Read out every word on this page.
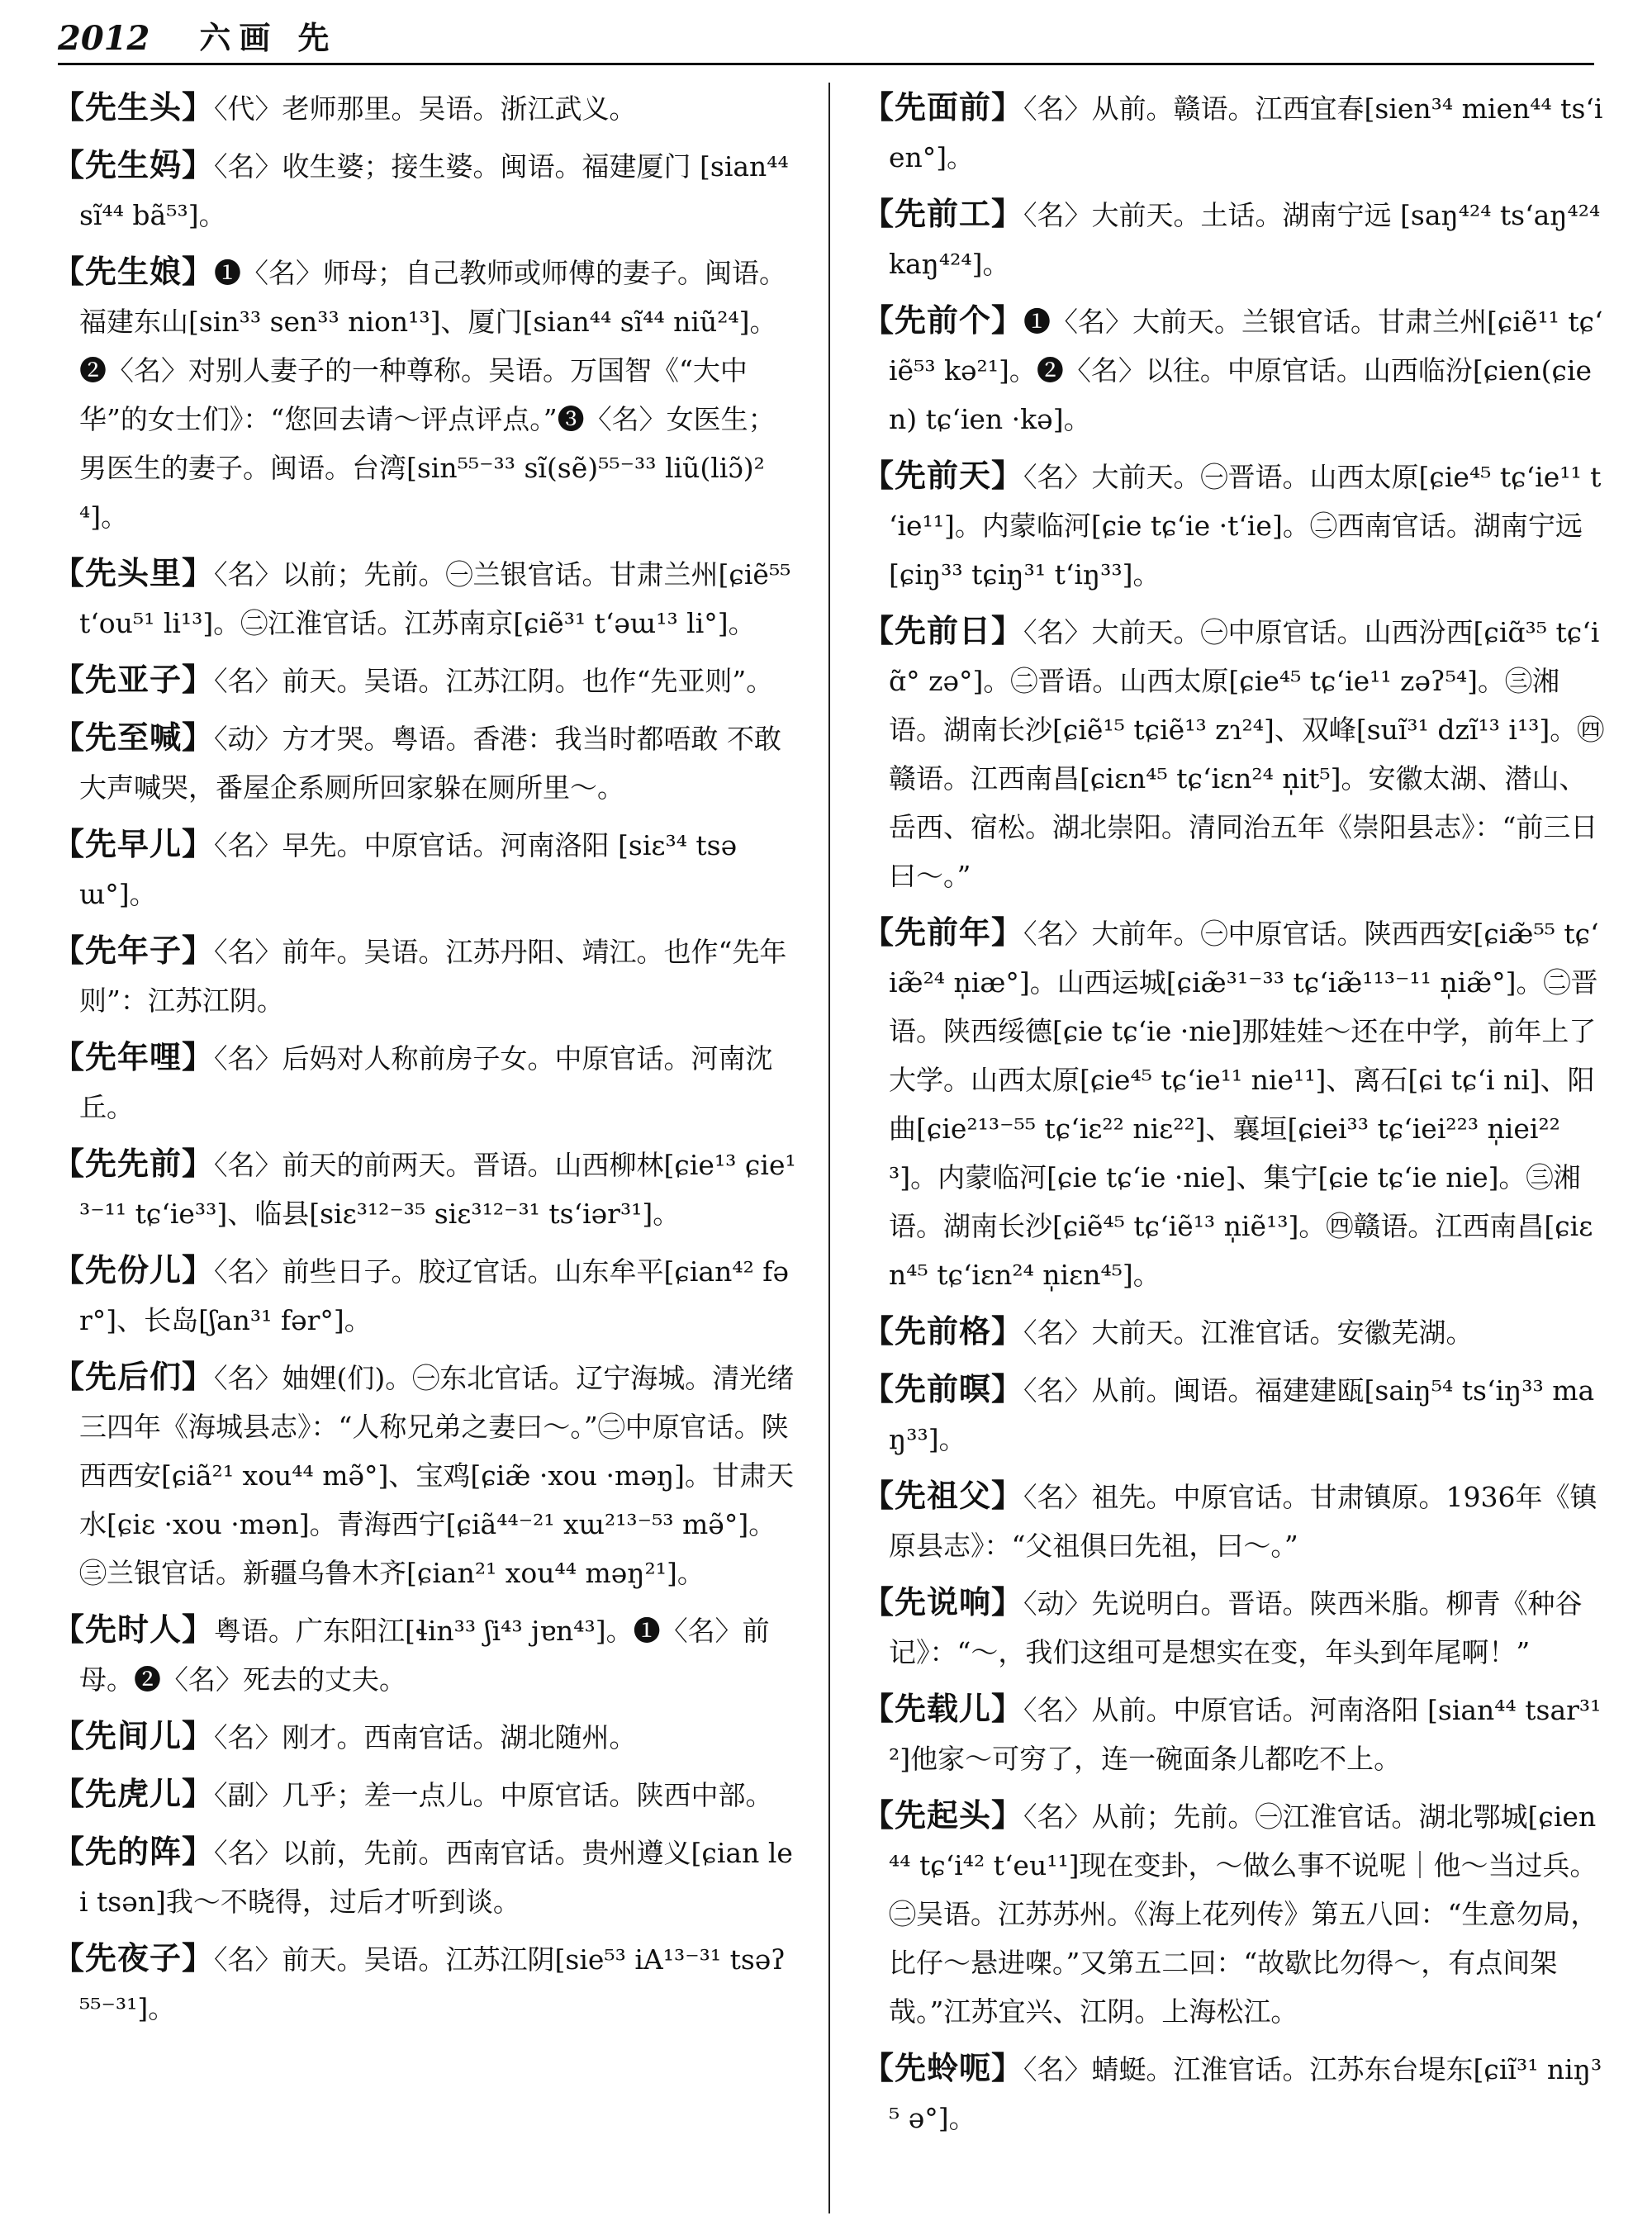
2012 六画 先
【先生头】〈代〉老师那里。吴语。浙江武义。
【先生妈】〈名〉收生婆；接生婆。闽语。福建厦门 [sian⁴⁴ sĩ⁴⁴ bã⁵³]。
【先生娘】❶〈名〉师母；自己教师或师傅的妻子。闽语。福建东山[sin³³ sen³³ nion¹³]、厦门[sian⁴⁴ sĩ⁴⁴ niũ²⁴]。❷〈名〉对别人妻子的一种尊称。吴语。万国智《“大中华”的女士们》：“您回去请～评点评点。”❸〈名〉女医生；男医生的妻子。闽语。台湾[sin⁵⁵⁻³³ sĩ(sẽ)⁵⁵⁻³³ liũ(liɔ̃)²⁴]。
【先头里】〈名〉以前；先前。㊀兰银官话。甘肃兰州[ɕiẽ⁵⁵ tʻou⁵¹ li¹³]。㊁江淮官话。江苏南京[ɕiẽ³¹ tʻəɯ¹³ li°]。
【先亚子】〈名〉前天。吴语。江苏江阴。也作“先亚则”。
【先至喊】〈动〉方才哭。粤语。香港：我当时都唔敢 不敢大声喊哭，番屋企系厕所回家躲在厕所里～。
【先早儿】〈名〉早先。中原官话。河南洛阳 [siɛ³⁴ tsəɯ°]。
【先年子】〈名〉前年。吴语。江苏丹阳、靖江。也作“先年则”：江苏江阴。
【先年哩】〈名〉后妈对人称前房子女。中原官话。河南沈丘。
【先先前】〈名〉前天的前两天。晋语。山西柳林[ɕie¹³ ɕie¹³⁻¹¹ tɕʻie³³]、临县[siɛ³¹²⁻³⁵ siɛ³¹²⁻³¹ tsʻiər³¹]。
【先份儿】〈名〉前些日子。胶辽官话。山东牟平[ɕian⁴² fər°]、长岛[ʃan³¹ fər°]。
【先后们】〈名〉妯娌(们)。㊀东北官话。辽宁海城。清光绪三四年《海城县志》：“人称兄弟之妻曰～。”㊁中原官话。陕西西安[ɕiã²¹ xou⁴⁴ mə̃°]、宝鸡[ɕiæ̃ ·xou ·məŋ]。甘肃天水[ɕiɛ ·xou ·mən]。青海西宁[ɕiã⁴⁴⁻²¹ xɯ²¹³⁻⁵³ mə̃°]。㊂兰银官话。新疆乌鲁木齐[ɕian²¹ xou⁴⁴ məŋ²¹]。
【先时人】粤语。广东阳江[ɬin³³ ʃi⁴³ jɐn⁴³]。❶〈名〉前母。❷〈名〉死去的丈夫。
【先间儿】〈名〉刚才。西南官话。湖北随州。
【先虎儿】〈副〉几乎；差一点儿。中原官话。陕西中部。
【先的阵】〈名〉以前，先前。西南官话。贵州遵义[ɕian lei tsən]我～不晓得，过后才听到谈。
【先夜子】〈名〉前天。吴语。江苏江阴[sie⁵³ iA¹³⁻³¹ tsəʔ⁵⁵⁻³¹]。
【先面前】〈名〉从前。赣语。江西宜春[sien³⁴ mien⁴⁴ tsʻien°]。
【先前工】〈名〉大前天。土话。湖南宁远 [saŋ⁴²⁴ tsʻaŋ⁴²⁴ kaŋ⁴²⁴]。
【先前个】❶〈名〉大前天。兰银官话。甘肃兰州[ɕiẽ¹¹ tɕʻiẽ⁵³ kə²¹]。❷〈名〉以往。中原官话。山西临汾[ɕien(ɕien) tɕʻien ·kə]。
【先前天】〈名〉大前天。㊀晋语。山西太原[ɕie⁴⁵ tɕʻie¹¹ tʻie¹¹]。内蒙临河[ɕie tɕʻie ·tʻie]。㊁西南官话。湖南宁远[ɕiŋ³³ tɕiŋ³¹ tʻiŋ³³]。
【先前日】〈名〉大前天。㊀中原官话。山西汾西[ɕiɑ̃³⁵ tɕʻiɑ̃° zə°]。㊁晋语。山西太原[ɕie⁴⁵ tɕʻie¹¹ zəʔ⁵⁴]。㊂湘语。湖南长沙[ɕiẽ¹⁵ tɕiẽ¹³ zɿ²⁴]、双峰[suĩ³¹ dzĩ¹³ i¹³]。㊃赣语。江西南昌[ɕiɛn⁴⁵ tɕʻiɛn²⁴ n̩it⁵]。安徽太湖、潜山、岳西、宿松。湖北崇阳。清同治五年《崇阳县志》：“前三日曰～。”
【先前年】〈名〉大前年。㊀中原官话。陕西西安[ɕiæ̃⁵⁵ tɕʻiæ̃²⁴ n̩iæ°]。山西运城[ɕiæ̃³¹⁻³³ tɕʻiæ̃¹¹³⁻¹¹ n̩iæ̃°]。㊁晋语。陕西绥德[ɕie tɕʻie ·nie]那娃娃～还在中学，前年上了大学。山西太原[ɕie⁴⁵ tɕʻie¹¹ nie¹¹]、离石[ɕi tɕʻi ni]、阳曲[ɕie²¹³⁻⁵⁵ tɕʻiɛ²² niɛ²²]、襄垣[ɕiei³³ tɕʻiei²²³ n̩iei²²³]。内蒙临河[ɕie tɕʻie ·nie]、集宁[ɕie tɕʻie nie]。㊂湘语。湖南长沙[ɕiẽ⁴⁵ tɕʻiẽ¹³ n̩iẽ¹³]。㊃赣语。江西南昌[ɕiɛn⁴⁵ tɕʻiɛn²⁴ n̩iɛn⁴⁵]。
【先前格】〈名〉大前天。江淮官话。安徽芜湖。
【先前暝】〈名〉从前。闽语。福建建瓯[saiŋ⁵⁴ tsʻiŋ³³ maŋ³³]。
【先祖父】〈名〉祖先。中原官话。甘肃镇原。1936年《镇原县志》：“父祖俱曰先祖，曰～。”
【先说响】〈动〉先说明白。晋语。陕西米脂。柳青《种谷记》：“～，我们这组可是想实在变，年头到年尾啊！”
【先载儿】〈名〉从前。中原官话。河南洛阳 [sian⁴⁴ tsar³¹²]他家～可穷了，连一碗面条儿都吃不上。
【先起头】〈名〉从前；先前。㊀江淮官话。湖北鄂城[ɕien⁴⁴ tɕʻi⁴² tʻeu¹¹]现在变卦，～做么事不说呢｜他～当过兵。㊁吴语。江苏苏州。《海上花列传》第五八回：“生意勿局，比仔～悬进㗎。”又第五二回：“故歇比勿得～，有点间架哉。”江苏宜兴、江阴。上海松江。
【先蛉呃】〈名〉蜻蜓。江淮官话。江苏东台堤东[ɕiĩ³¹ niŋ³⁵ ə°]。
